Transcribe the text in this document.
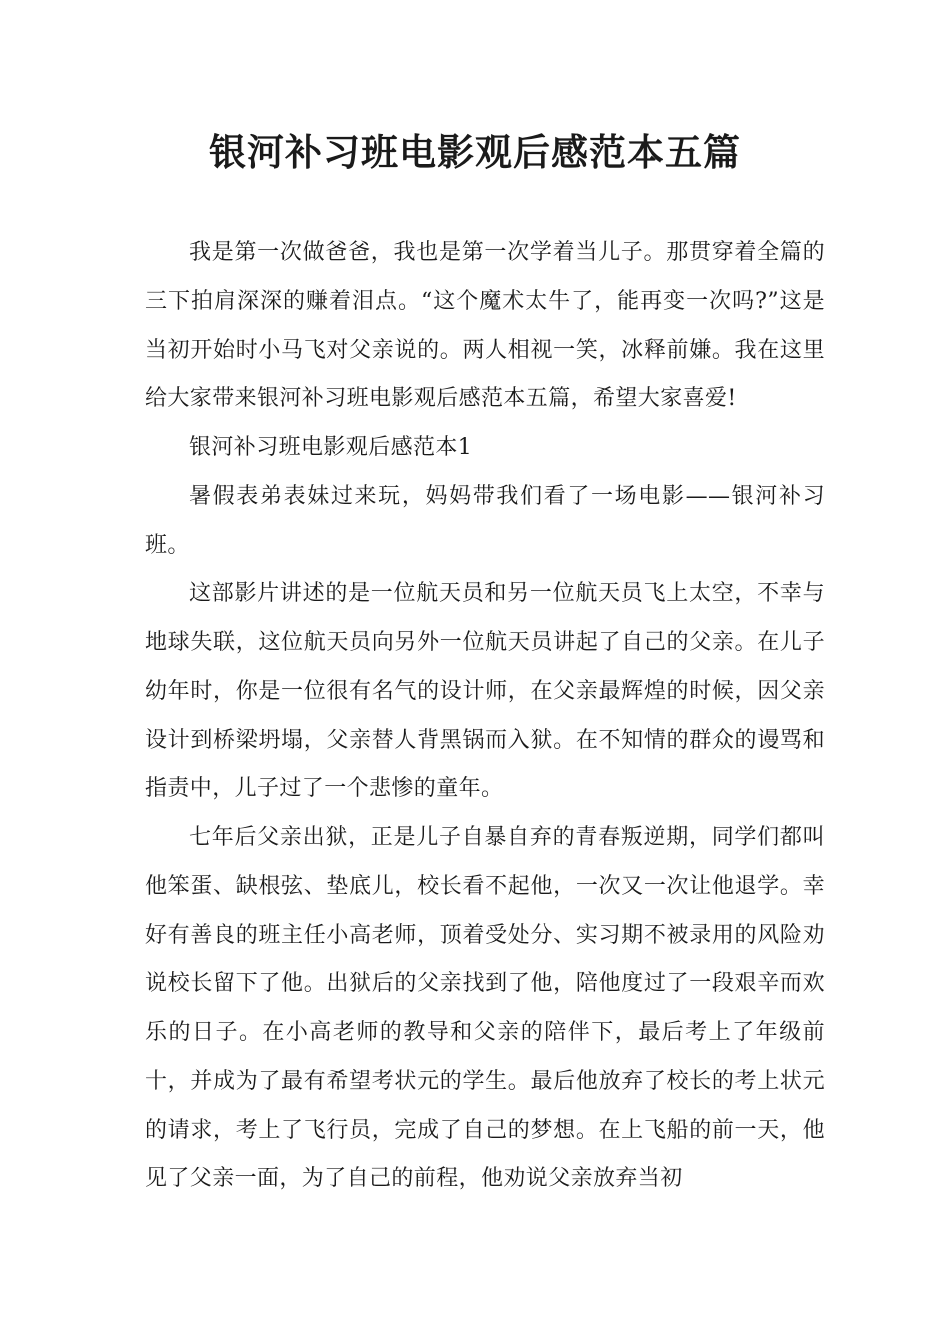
银河补习班电影观后感范本五篇

我是第一次做爸爸，我也是第一次学着当儿子。那贯穿着全篇的三下拍肩深深的赚着泪点。“这个魔术太牛了，能再变一次吗?”这是当初开始时小马飞对父亲说的。两人相视一笑，冰释前嫌。我在这里给大家带来银河补习班电影观后感范本五篇，希望大家喜爱!

银河补习班电影观后感范本1

暑假表弟表妹过来玩，妈妈带我们看了一场电影——银河补习班。

这部影片讲述的是一位航天员和另一位航天员飞上太空，不幸与地球失联，这位航天员向另外一位航天员讲起了自己的父亲。在儿子幼年时，你是一位很有名气的设计师，在父亲最辉煌的时候，因父亲设计到桥梁坍塌，父亲替人背黑锅而入狱。在不知情的群众的谩骂和指责中，儿子过了一个悲惨的童年。

七年后父亲出狱，正是儿子自暴自弃的青春叛逆期，同学们都叫他笨蛋、缺根弦、垫底儿，校长看不起他，一次又一次让他退学。幸好有善良的班主任小高老师，顶着受处分、实习期不被录用的风险劝说校长留下了他。出狱后的父亲找到了他，陪他度过了一段艰辛而欢乐的日子。在小高老师的教导和父亲的陪伴下，最后考上了年级前十，并成为了最有希望考状元的学生。最后他放弃了校长的考上状元的请求，考上了飞行员，完成了自己的梦想。在上飞船的前一天，他见了父亲一面，为了自己的前程，他劝说父亲放弃当初
